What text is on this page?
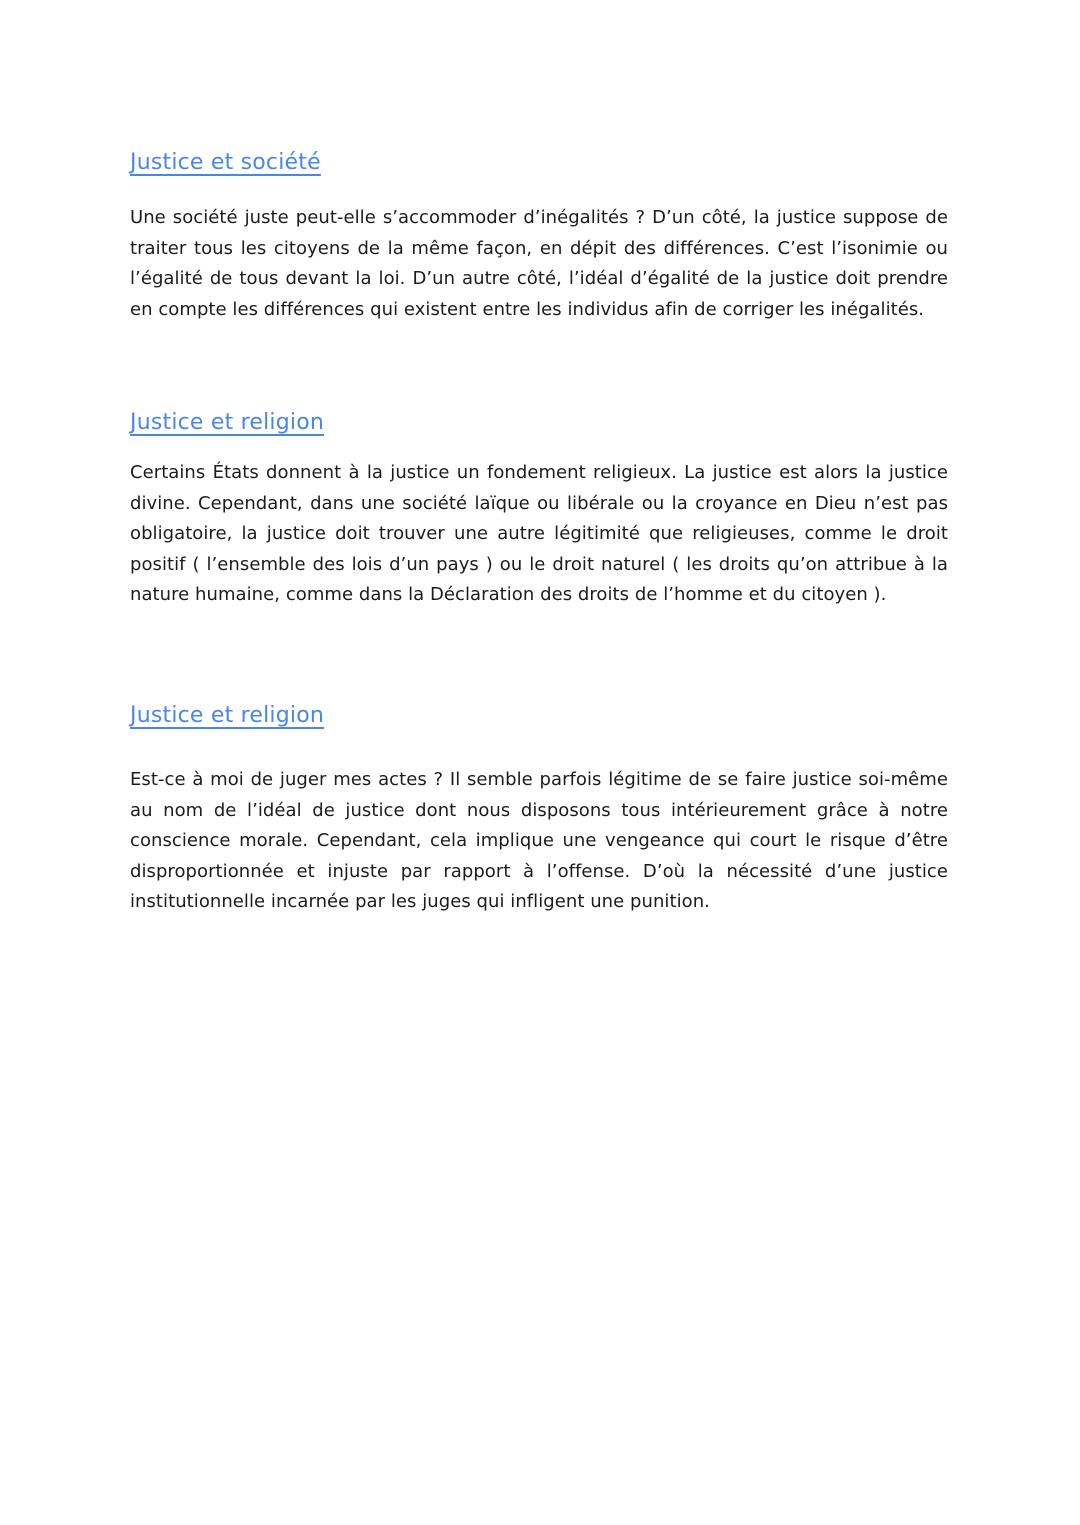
Justice et société

Une société juste peut-elle s’accommoder d’inégalités ? D’un côté, la justice suppose de traiter tous les citoyens de la même façon, en dépit des différences. C’est l’isonimie ou l’égalité de tous devant la loi. D’un autre côté, l’idéal d’égalité de la justice doit prendre en compte les différences qui existent entre les individus afin de corriger les inégalités.

Justice et religion

Certains États donnent à la justice un fondement religieux. La justice est alors la justice divine. Cependant, dans une société laïque ou libérale ou la croyance en Dieu n’est pas obligatoire, la justice doit trouver une autre légitimité que religieuses, comme le droit positif ( l’ensemble des lois d’un pays ) ou le droit naturel ( les droits qu’on attribue à la nature humaine, comme dans la Déclaration des droits de l’homme et du citoyen ).

Justice et religion

Est-ce à moi de juger mes actes ? Il semble parfois légitime de se faire justice soi-même au nom de l’idéal de justice dont nous disposons tous intérieurement grâce à notre conscience morale. Cependant, cela implique une vengeance qui court le risque d’être disproportionnée et injuste par rapport à l’offense. D’où la nécessité d’une justice institutionnelle incarnée par les juges qui infligent une punition.
